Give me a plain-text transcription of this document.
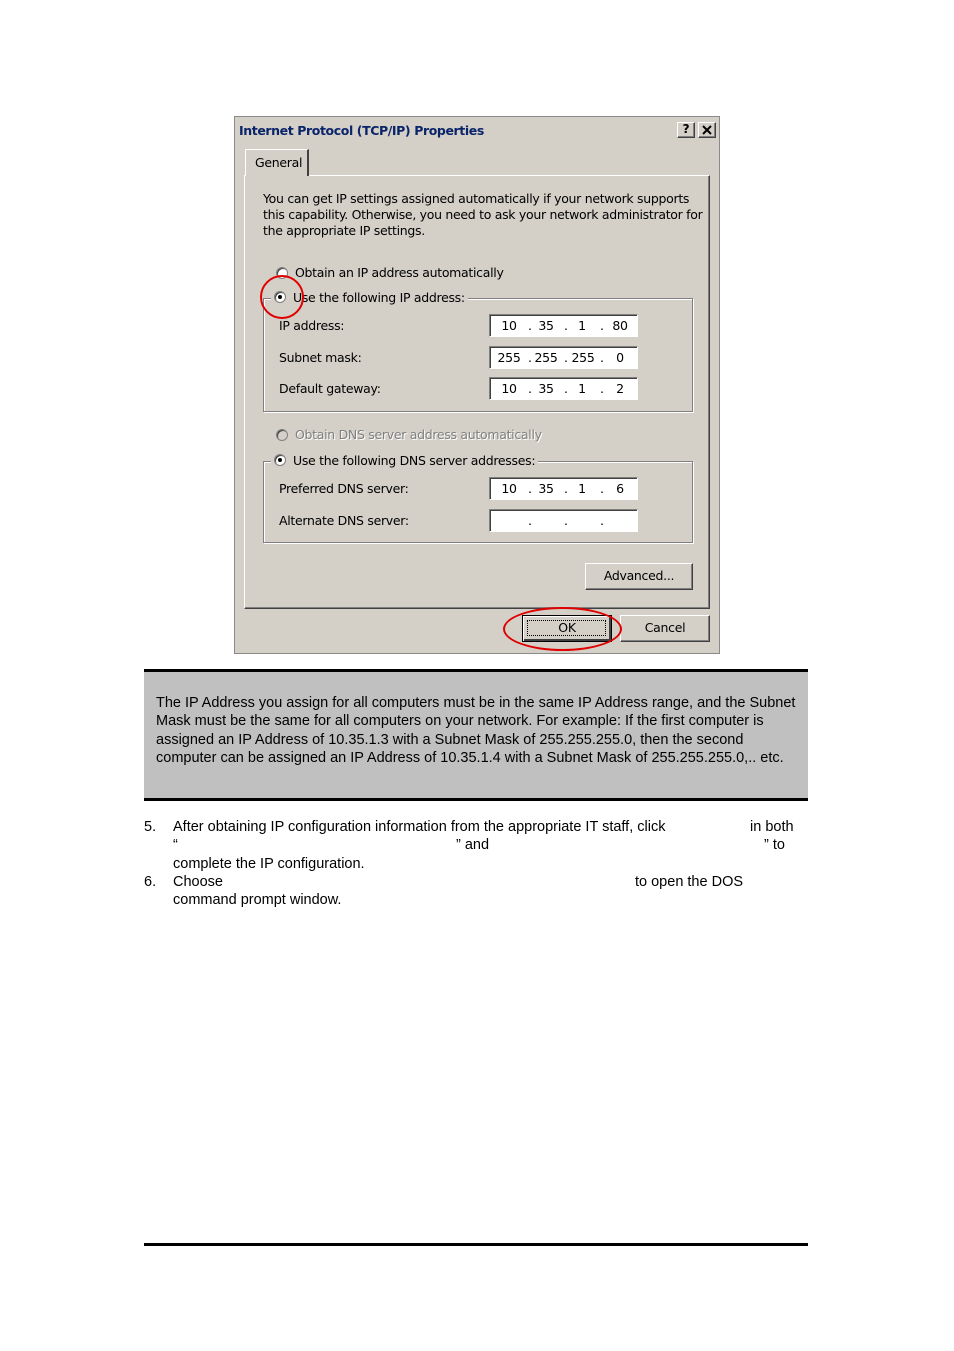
Internet Protocol (TCP/IP) Properties	?
General
You can get IP settings assigned automatically if your network supports this capability. Otherwise, you need to ask your network administrator for the appropriate IP settings.
Obtain an IP address automatically
Use the following IP address:
IP address:	10 . 35 . 1	. 80
Subnet mask:	255 . 255 . 255 . 0
Default gateway:	10 . 35 . 1	. 2
Obtain DNS server address automatically
Use the following DNS server addresses:
Preferred DNS server:	10 . 35 . 1	. 6
Alternate DNS server:	.	.	.
Advanced...
OK	Cancel
The IP Address you assign for all computers must be in the same IP Address range, and the Subnet Mask must be the same for all computers on your network. For example: If the first computer is assigned an IP Address of 10.35.1.3 with a Subnet Mask of 255.255.255.0, then the second computer can be assigned an IP Address of 10.35.1.4 with a Subnet Mask of 255.255.255.0,.. etc.
5. After obtaining IP configuration information from the appropriate IT staff, click	in both
“	” and	” to
complete the IP configuration.
6. Choose	to open the DOS
command prompt window.
